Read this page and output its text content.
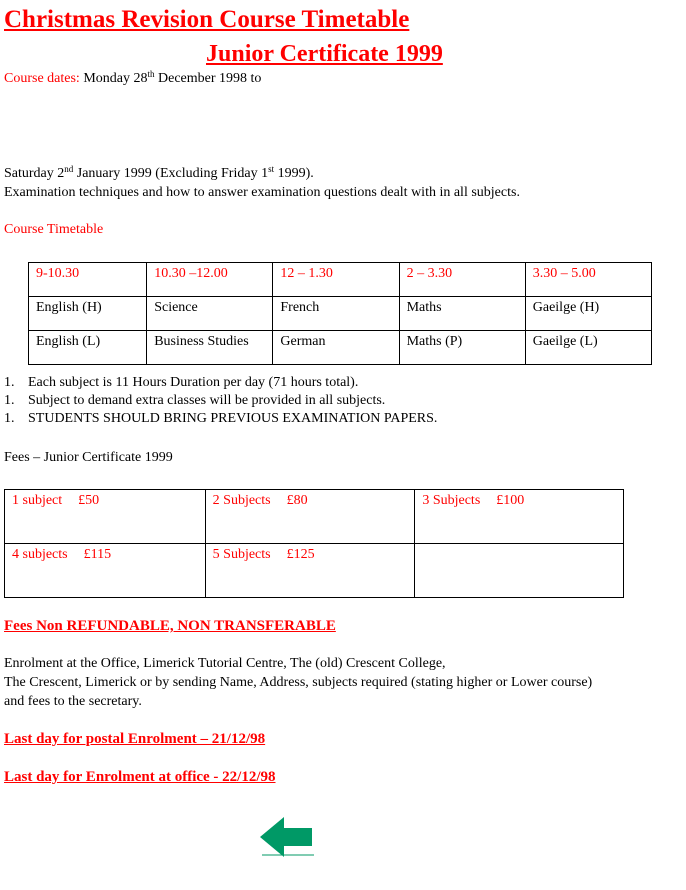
Christmas Revision Course Timetable
Junior Certificate 1999
Course dates: Monday 28th December 1998 to
Saturday 2nd January 1999 (Excluding Friday 1st 1999).
Examination techniques and how to answer examination questions dealt with in all subjects.
Course Timetable
9-10.30	10.30 –12.00	12 – 1.30	2 – 3.30	3.30 – 5.00
English (H)	Science	French	Maths	Gaeilge (H)
English (L)	Business Studies	German	Maths (P)	Gaeilge (L)
1. Each subject is 11 Hours Duration per day (71 hours total).
1. Subject to demand extra classes will be provided in all subjects.
1. STUDENTS SHOULD BRING PREVIOUS EXAMINATION PAPERS.
Fees – Junior Certificate 1999
1 subject £50	2 Subjects £80	3 Subjects £100
4 subjects £115	5 Subjects £125	
Fees Non REFUNDABLE, NON TRANSFERABLE
Enrolment at the Office, Limerick Tutorial Centre, The (old) Crescent College,
The Crescent, Limerick or by sending Name, Address, subjects required (stating higher or Lower course)
and fees to the secretary.
Last day for postal Enrolment – 21/12/98
Last day for Enrolment at office - 22/12/98
